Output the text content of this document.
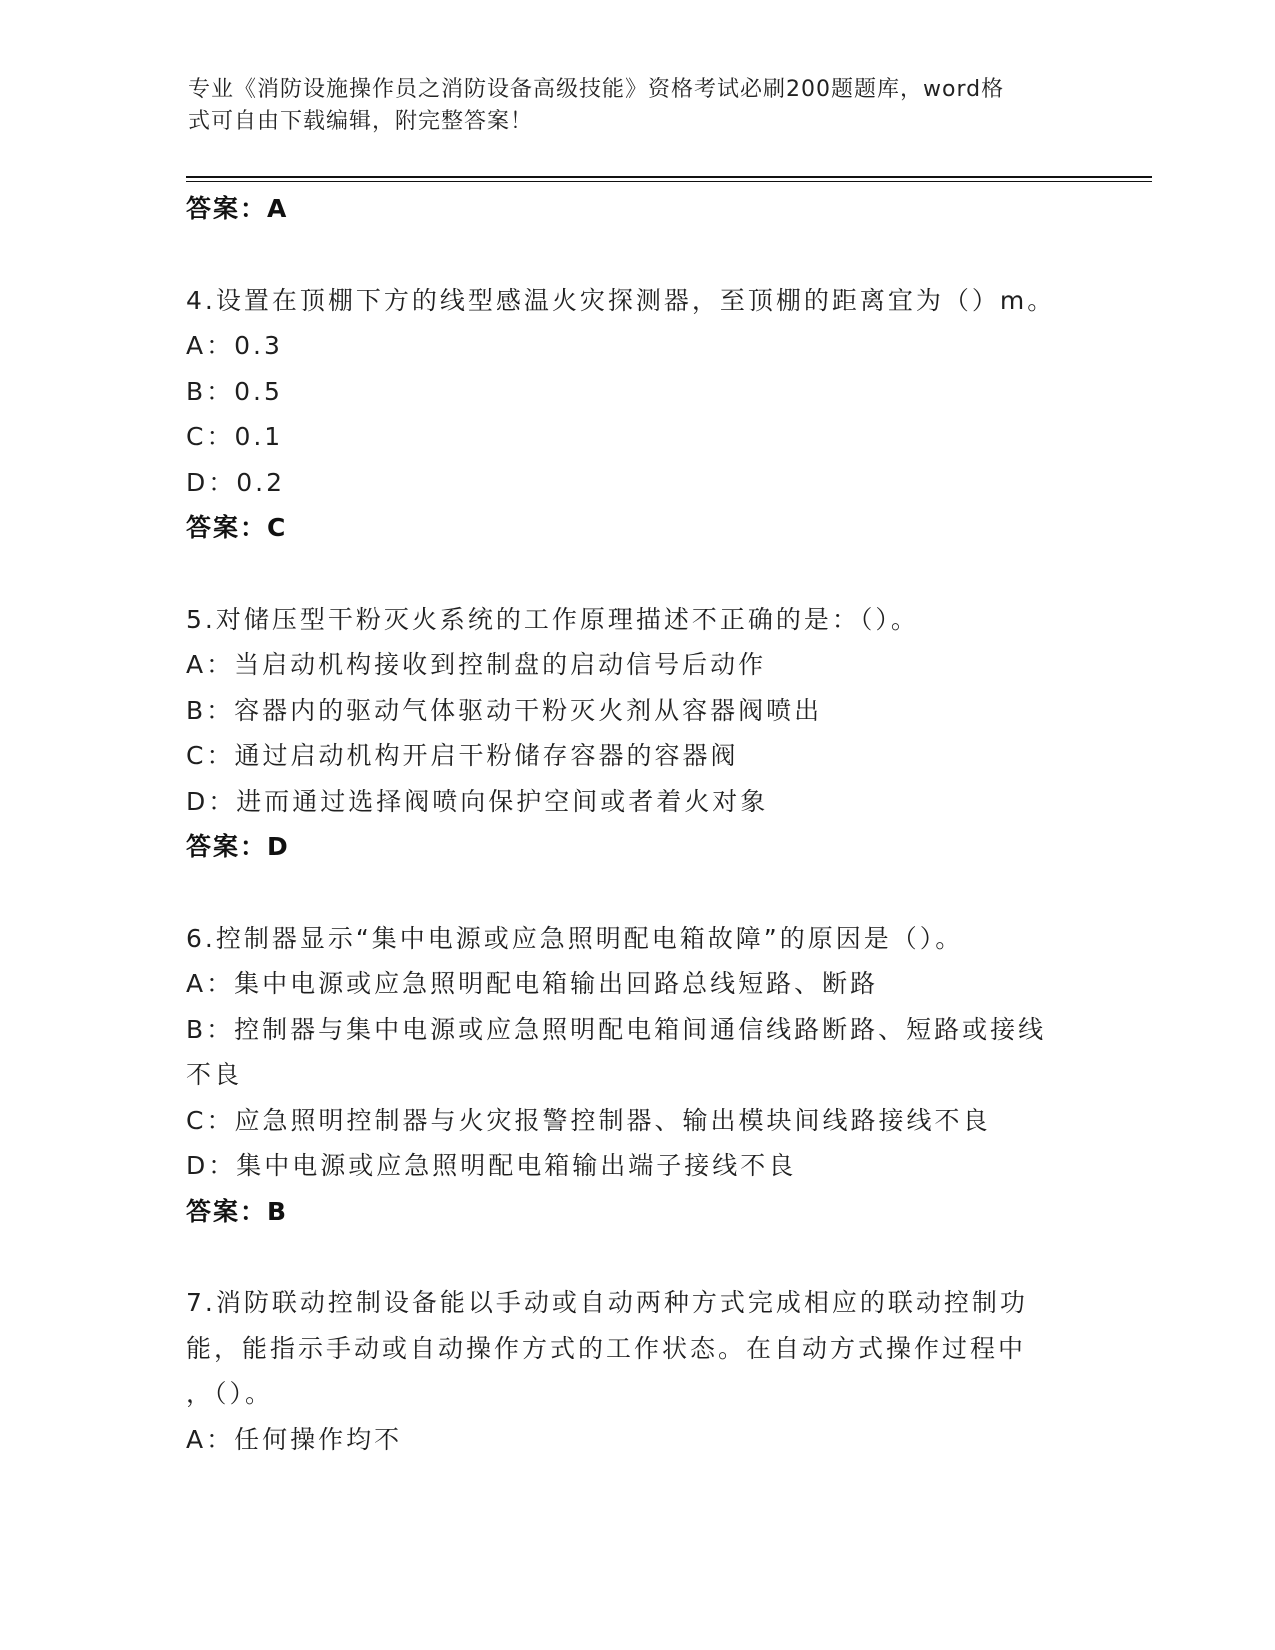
专业《消防设施操作员之消防设备高级技能》资格考试必刷200题题库，word格
式可自由下载编辑，附完整答案！
答案：A
4.设置在顶棚下方的线型感温火灾探测器，至顶棚的距离宜为（）m。
A：0.3
B：0.5
C：0.1
D：0.2
答案：C
5.对储压型干粉灭火系统的工作原理描述不正确的是：（）。
A：当启动机构接收到控制盘的启动信号后动作
B：容器内的驱动气体驱动干粉灭火剂从容器阀喷出
C：通过启动机构开启干粉储存容器的容器阀
D：进而通过选择阀喷向保护空间或者着火对象
答案：D
6.控制器显示“集中电源或应急照明配电箱故障”的原因是（）。
A：集中电源或应急照明配电箱输出回路总线短路、断路
B：控制器与集中电源或应急照明配电箱间通信线路断路、短路或接线
不良
C：应急照明控制器与火灾报警控制器、输出模块间线路接线不良
D：集中电源或应急照明配电箱输出端子接线不良
答案：B
7.消防联动控制设备能以手动或自动两种方式完成相应的联动控制功
能，能指示手动或自动操作方式的工作状态。在自动方式操作过程中
，（）。
A：任何操作均不
